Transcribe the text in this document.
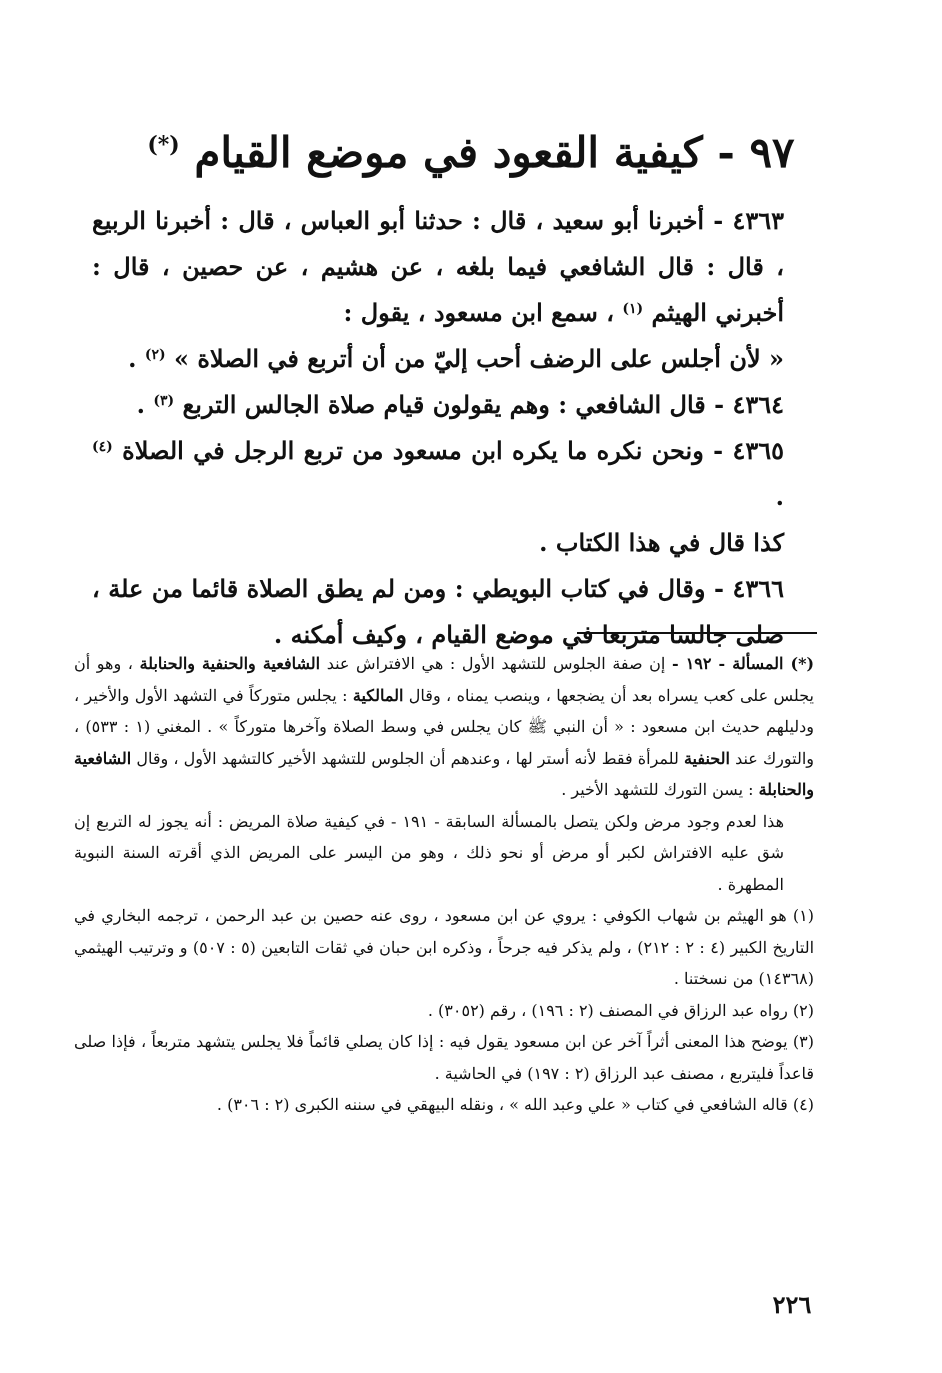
٩٧ - كيفية القعود في موضع القيام (*)

٤٣٦٣ - أخبرنا أبو سعيد ، قال : حدثنا أبو العباس ، قال : أخبرنا الربيع ، قال : قال الشافعي فيما بلغه ، عن هشيم ، عن حصين ، قال : أخبرني الهيثم $^{(١)}$ ، سمع ابن مسعود ، يقول :

« لأن أجلس على الرضف أحب إليّ من أن أتربع في الصلاة » $^{(٢)}$ .

٤٣٦٤ - قال الشافعي : وهم يقولون قيام صلاة الجالس التربع $^{(٣)}$ .

٤٣٦٥ - ونحن نكره ما يكره ابن مسعود من تربع الرجل في الصلاة $^{(٤)}$ .

كذا قال في هذا الكتاب .

٤٣٦٦ - وقال في كتاب البويطي : ومن لم يطق الصلاة قائما من علة ، صلى جالسا متربعا في موضع القيام ، وكيف أمكنه .

(*) المسألة - ١٩٢ - إن صفة الجلوس للتشهد الأول : هي الافتراش عند الشافعية والحنفية والحنابلة ، وهو أن يجلس على كعب يسراه بعد أن يضجعها ، وينصب يمناه ، وقال المالكية : يجلس متوركاً في التشهد الأول والأخير ، ودليلهم حديث ابن مسعود : « أن النبي ﷺ كان يجلس في وسط الصلاة وآخرها متوركاً » . المغني (١ : ٥٣٣) ، والتورك عند الحنفية للمرأة فقط لأنه أستر لها ، وعندهم أن الجلوس للتشهد الأخير كالتشهد الأول ، وقال الشافعية والحنابلة : يسن التورك للتشهد الأخير .

هذا لعدم وجود مرض ولكن يتصل بالمسألة السابقة - ١٩١ - في كيفية صلاة المريض : أنه يجوز له التربع إن شق عليه الافتراش لكبر أو مرض أو نحو ذلك ، وهو من اليسر على المريض الذي أقرته السنة النبوية المطهرة .

(١) هو الهيثم بن شهاب الكوفي : يروي عن ابن مسعود ، روى عنه حصين بن عبد الرحمن ، ترجمه البخاري في التاريخ الكبير (٤ : ٢ : ٢١٢) ، ولم يذكر فيه جرحاً ، وذكره ابن حبان في ثقات التابعين (٥ : ٥٠٧) و وترتيب الهيثمي (١٤٣٦٨) من نسختنا .

(٢) رواه عبد الرزاق في المصنف (٢ : ١٩٦) ، رقم (٣٠٥٢) .

(٣) يوضح هذا المعنى أثراً آخر عن ابن مسعود يقول فيه : إذا كان يصلي قائماً فلا يجلس يتشهد متربعاً ، فإذا صلى قاعداً فليتربع ، مصنف عبد الرزاق (٢ : ١٩٧) في الحاشية .

(٤) قاله الشافعي في كتاب « علي وعبد الله » ، ونقله البيهقي في سننه الكبرى (٢ : ٣٠٦) .

٢٢٦
